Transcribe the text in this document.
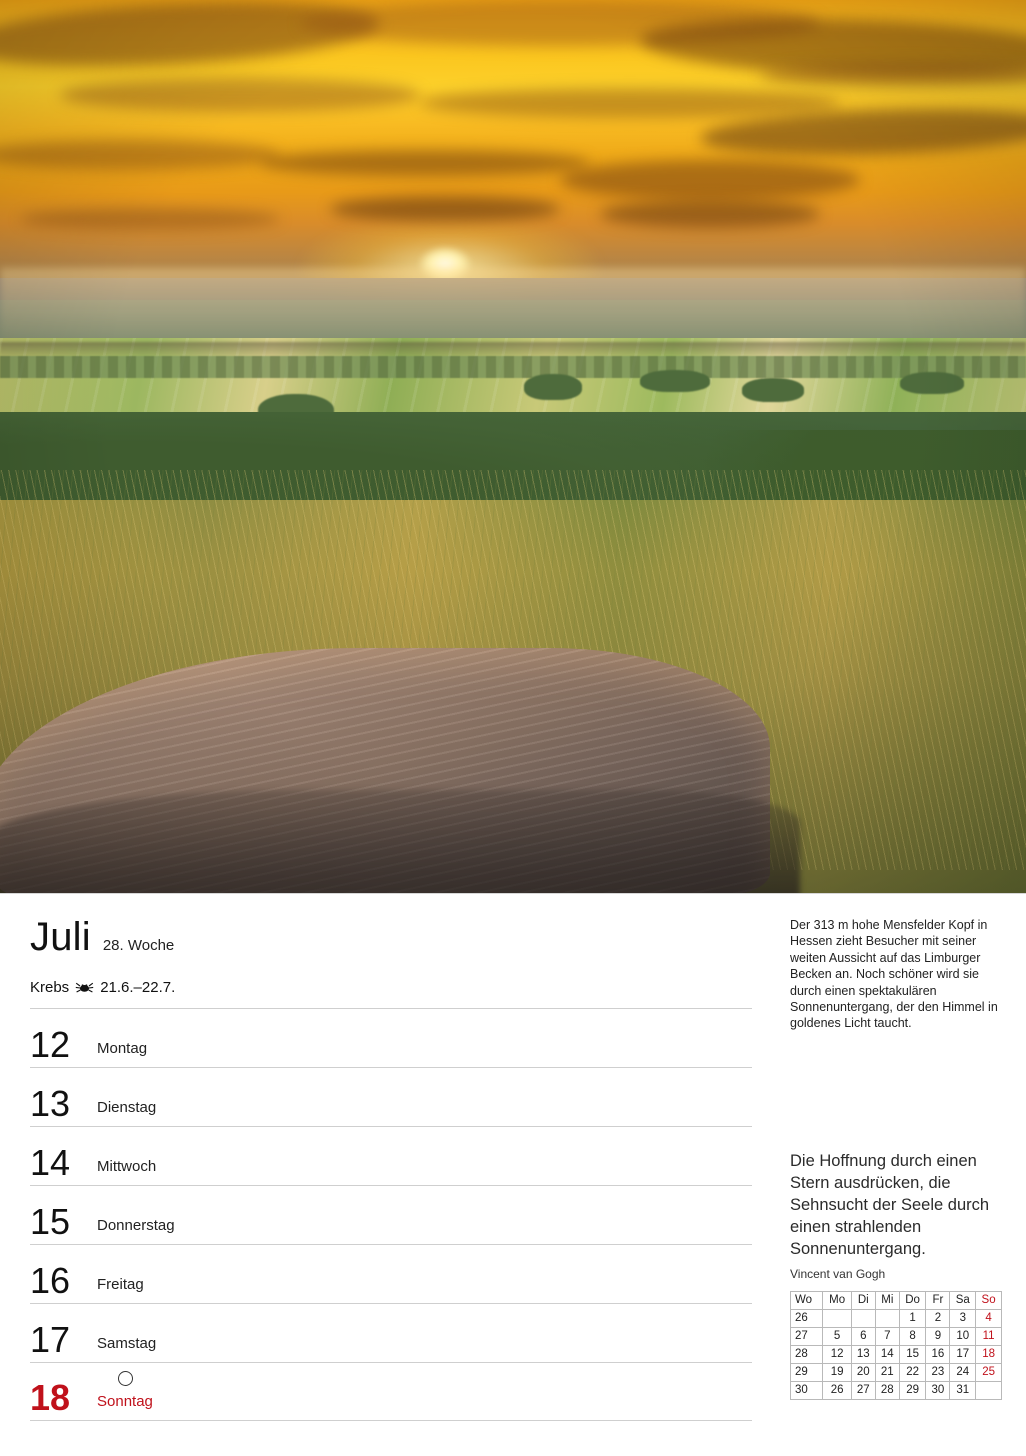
Juli 28. Woche
Krebs 21.6.–22.7.
12	Montag
13	Dienstag
14	Mittwoch
15	Donnerstag
16	Freitag
17	Samstag
18	Sonntag
Der 313 m hohe Mensfelder Kopf in Hessen zieht Besucher mit seiner weiten Aussicht auf das Limburger Becken an. Noch schöner wird sie durch einen spektakulären Sonnenuntergang, der den Himmel in goldenes Licht taucht.
Die Hoffnung durch einen Stern ausdrücken, die Sehnsucht der Seele durch einen strahlenden Sonnenuntergang.
Vincent van Gogh
Wo	Mo	Di	Mi	Do	Fr	Sa	So
26				1	2	3	4
27	5	6	7	8	9	10	11
28	12	13	14	15	16	17	18
29	19	20	21	22	23	24	25
30	26	27	28	29	30	31	
